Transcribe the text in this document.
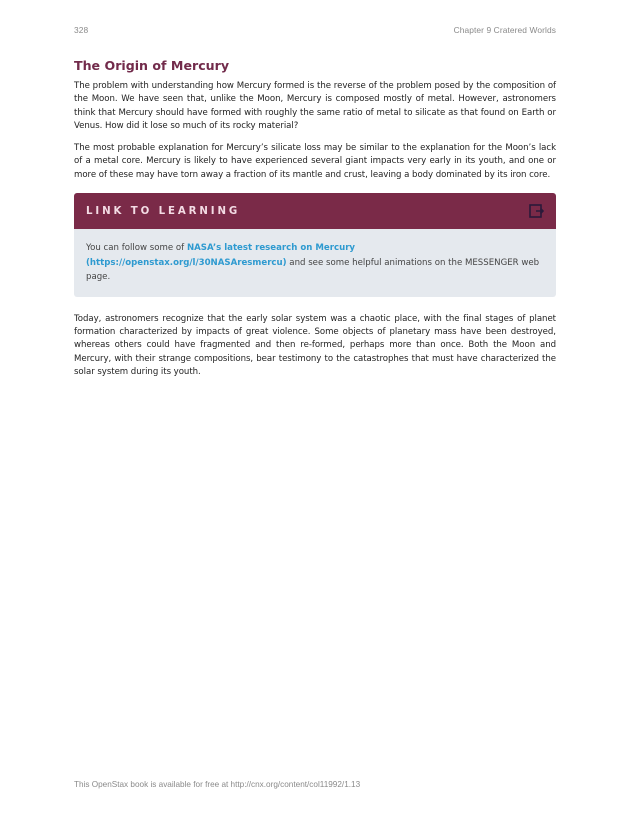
328	Chapter 9 Cratered Worlds
The Origin of Mercury

The problem with understanding how Mercury formed is the reverse of the problem posed by the composition of the Moon. We have seen that, unlike the Moon, Mercury is composed mostly of metal. However, astronomers think that Mercury should have formed with roughly the same ratio of metal to silicate as that found on Earth or Venus. How did it lose so much of its rocky material?

The most probable explanation for Mercury’s silicate loss may be similar to the explanation for the Moon’s lack of a metal core. Mercury is likely to have experienced several giant impacts very early in its youth, and one or more of these may have torn away a fraction of its mantle and crust, leaving a body dominated by its iron core.

LINK TO LEARNING
You can follow some of NASA’s latest research on Mercury (https://openstax.org/l/30NASAresmercu) and see some helpful animations on the MESSENGER web page.

Today, astronomers recognize that the early solar system was a chaotic place, with the final stages of planet formation characterized by impacts of great violence. Some objects of planetary mass have been destroyed, whereas others could have fragmented and then re-formed, perhaps more than once. Both the Moon and Mercury, with their strange compositions, bear testimony to the catastrophes that must have characterized the solar system during its youth.

This OpenStax book is available for free at http://cnx.org/content/col11992/1.13
